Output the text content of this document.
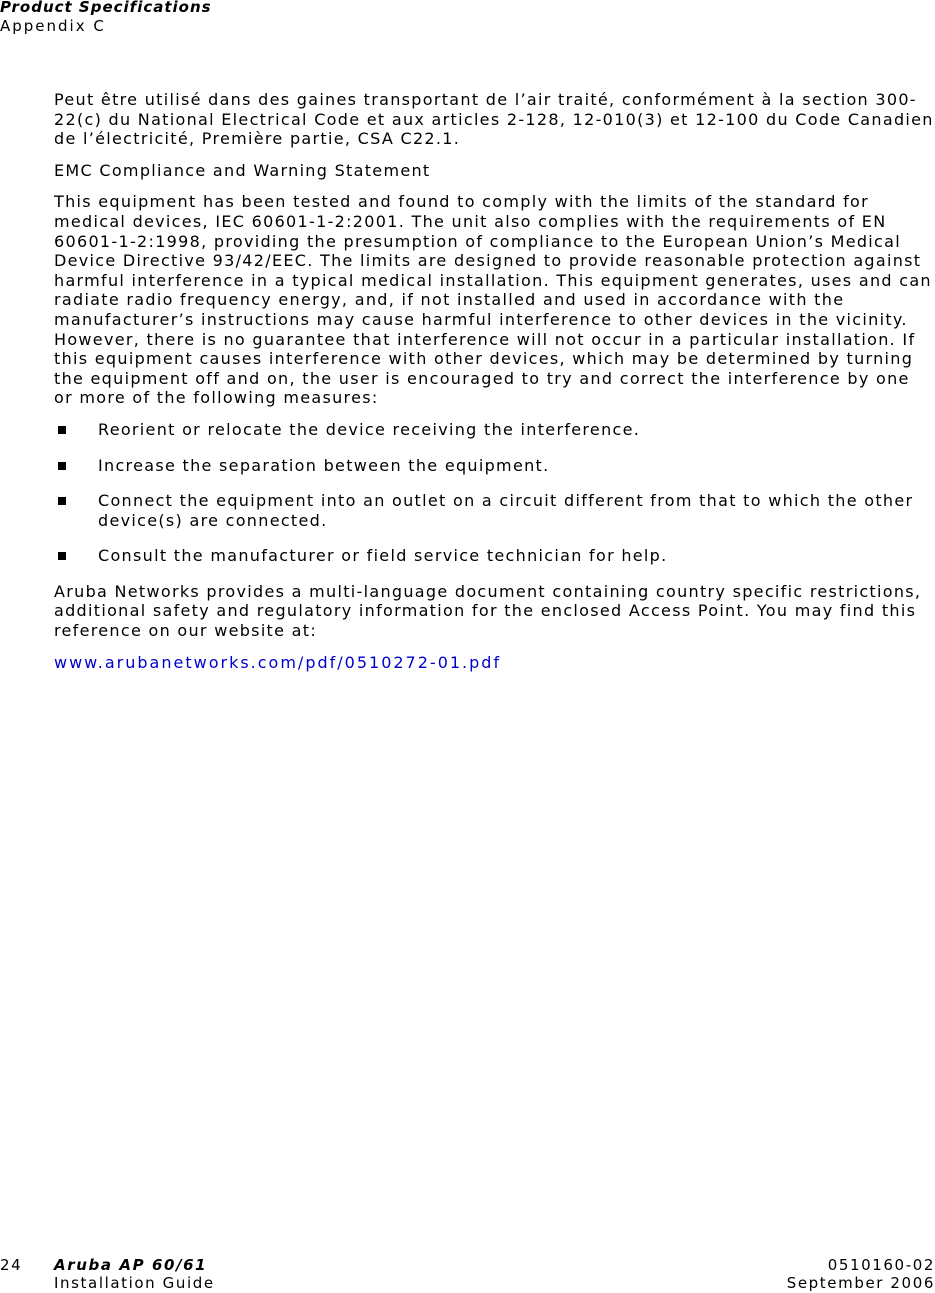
Product Specifications
Appendix C

Peut être utilisé dans des gaines transportant de l’air traité, conformément à la section 300-22(c) du National Electrical Code et aux articles 2-128, 12-010(3) et 12-100 du Code Canadien de l’électricité, Première partie, CSA C22.1.

EMC Compliance and Warning Statement

This equipment has been tested and found to comply with the limits of the standard for medical devices, IEC 60601-1-2:2001. The unit also complies with the requirements of EN 60601-1-2:1998, providing the presumption of compliance to the European Union’s Medical Device Directive 93/42/EEC. The limits are designed to provide reasonable protection against harmful interference in a typical medical installation. This equipment generates, uses and can radiate radio frequency energy, and, if not installed and used in accordance with the manufacturer’s instructions may cause harmful interference to other devices in the vicinity. However, there is no guarantee that interference will not occur in a particular installation. If this equipment causes interference with other devices, which may be determined by turning the equipment off and on, the user is encouraged to try and correct the interference by one or more of the following measures:

Reorient or relocate the device receiving the interference.
Increase the separation between the equipment.
Connect the equipment into an outlet on a circuit different from that to which the other device(s) are connected.
Consult the manufacturer or field service technician for help.

Aruba Networks provides a multi-language document containing country specific restrictions, additional safety and regulatory information for the enclosed Access Point. You may find this reference on our website at:

www.arubanetworks.com/pdf/0510272-01.pdf

24 Aruba AP 60/61
Installation Guide
0510160-02
September 2006
